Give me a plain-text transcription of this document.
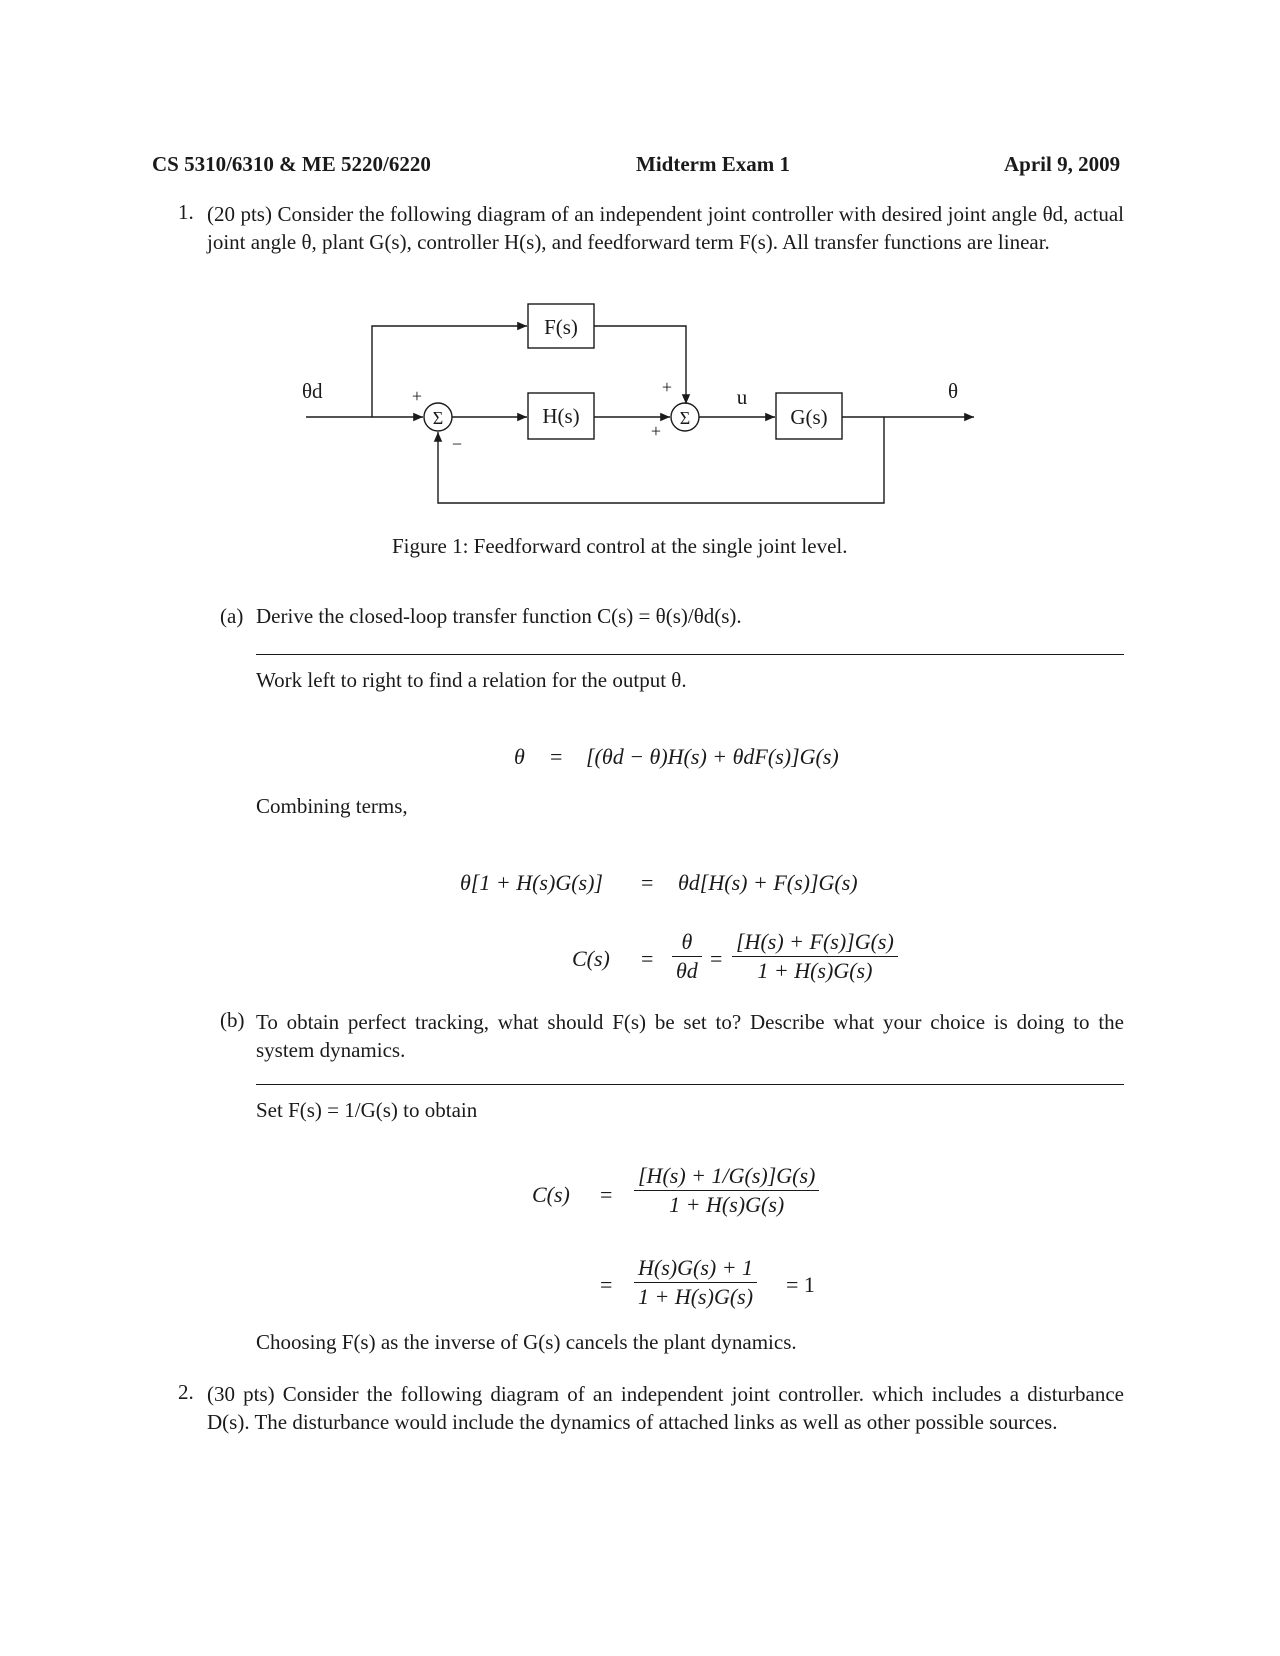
CS 5310/6310 & ME 5220/6220	Midterm Exam 1	April 9, 2009
1. (20 pts) Consider the following diagram of an independent joint controller with desired joint angle θd, actual joint angle θ, plant G(s), controller H(s), and feedforward term F(s). All transfer functions are linear.
θd	θ
F(s)
H(s)	G(s)
Σ	Σ
u
+
−
+
+
Figure 1: Feedforward control at the single joint level.
(a) Derive the closed-loop transfer function C(s) = θ(s)/θd(s).
Work left to right to find a relation for the output θ.
θ = [(θd − θ)H(s) + θdF(s)]G(s)
Combining terms,
θ[1 + H(s)G(s)] = θd[H(s) + F(s)]G(s)
$C(s) = \frac{\theta}{\theta d} = \frac{[H(s) + F(s)]G(s)}{1 + H(s)G(s)}$
(b) To obtain perfect tracking, what should F(s) be set to? Describe what your choice is doing to the system dynamics.
Set F(s) = 1/G(s) to obtain
$C(s) = \frac{[H(s) + 1/G(s)]G(s)}{1 + H(s)G(s)}$
= $\frac{H(s)G(s) + 1}{1 + H(s)G(s)} = 1$
Choosing F(s) as the inverse of G(s) cancels the plant dynamics.
2. (30 pts) Consider the following diagram of an independent joint controller. which includes a disturbance D(s). The disturbance would include the dynamics of attached links as well as other possible sources.
